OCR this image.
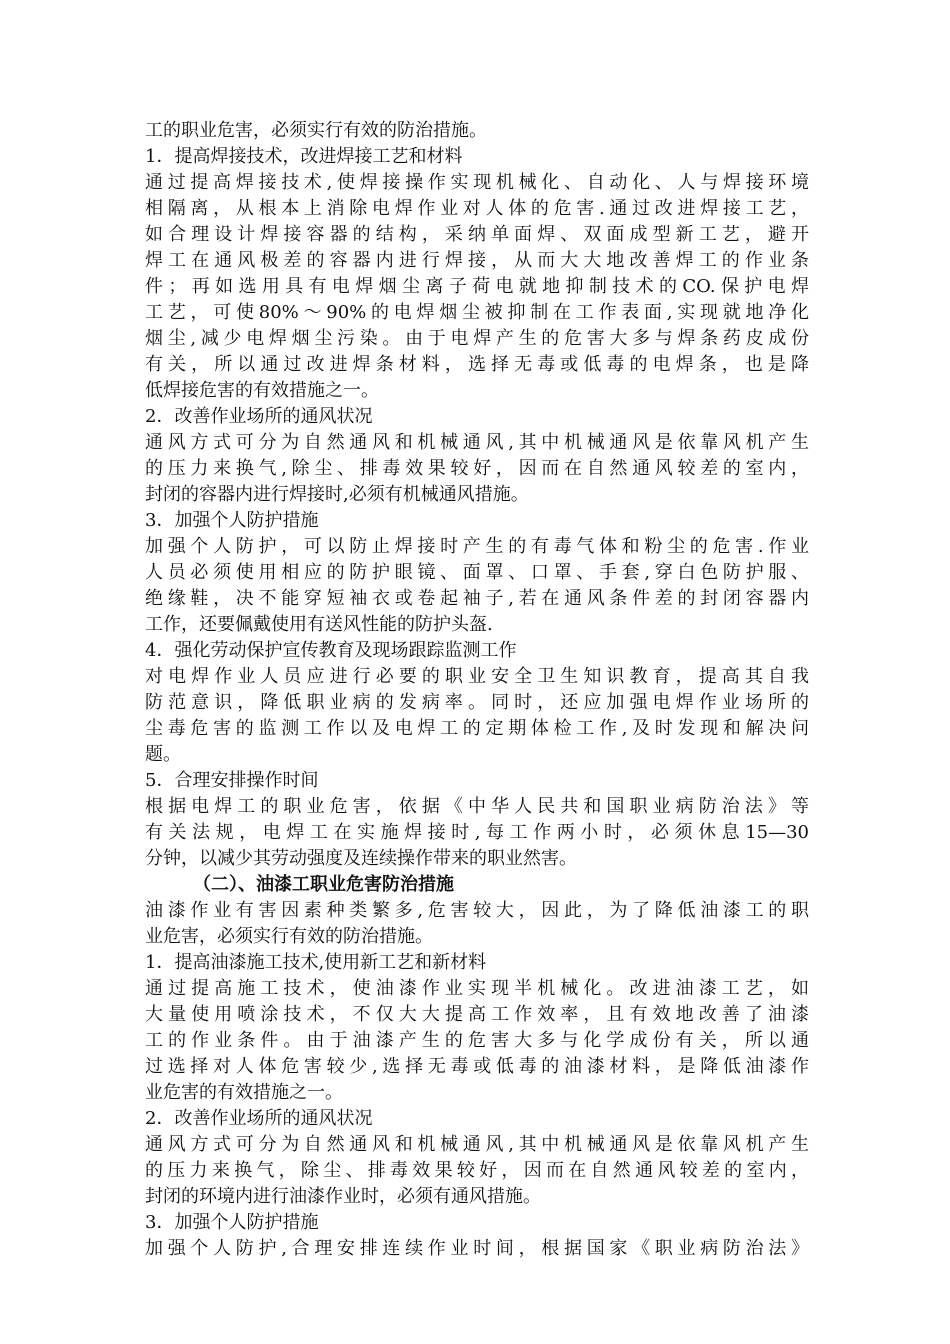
工的职业危害，必须实行有效的防治措施。
1．提高焊接技术，改进焊接工艺和材料
通过提高焊接技术,使焊接操作实现机械化、自动化、人与焊接环境
相隔离，从根本上消除电焊作业对人体的危害.通过改进焊接工艺，
如合理设计焊接容器的结构，采纳单面焊、双面成型新工艺，避开
焊工在通风极差的容器内进行焊接，从而大大地改善焊工的作业条
件；再如选用具有电焊烟尘离子荷电就地抑制技术的CO.保护电焊
工艺，可使80%～90%的电焊烟尘被抑制在工作表面,实现就地净化
烟尘,减少电焊烟尘污染。由于电焊产生的危害大多与焊条药皮成份
有关，所以通过改进焊条材料，选择无毒或低毒的电焊条，也是降
低焊接危害的有效措施之一。
2．改善作业场所的通风状况
通风方式可分为自然通风和机械通风,其中机械通风是依靠风机产生
的压力来换气,除尘、排毒效果较好，因而在自然通风较差的室内，
封闭的容器内进行焊接时,必须有机械通风措施。
3．加强个人防护措施
加强个人防护，可以防止焊接时产生的有毒气体和粉尘的危害.作业
人员必须使用相应的防护眼镜、面罩、口罩、手套,穿白色防护服、
绝缘鞋，决不能穿短袖衣或卷起袖子,若在通风条件差的封闭容器内
工作，还要佩戴使用有送风性能的防护头盔.
4．强化劳动保护宣传教育及现场跟踪监测工作
对电焊作业人员应进行必要的职业安全卫生知识教育，提高其自我
防范意识，降低职业病的发病率。同时，还应加强电焊作业场所的
尘毒危害的监测工作以及电焊工的定期体检工作,及时发现和解决问
题。
5．合理安排操作时间
根据电焊工的职业危害，依据《中华人民共和国职业病防治法》等
有关法规，电焊工在实施焊接时,每工作两小时，必须休息15—30
分钟，以减少其劳动强度及连续操作带来的职业然害。
（二）、油漆工职业危害防治措施
油漆作业有害因素种类繁多,危害较大，因此，为了降低油漆工的职
业危害，必须实行有效的防治措施。
1．提高油漆施工技术,使用新工艺和新材料
通过提高施工技术，使油漆作业实现半机械化。改进油漆工艺，如
大量使用喷涂技术，不仅大大提高工作效率，且有效地改善了油漆
工的作业条件。由于油漆产生的危害大多与化学成份有关，所以通
过选择对人体危害较少,选择无毒或低毒的油漆材料，是降低油漆作
业危害的有效措施之一。
2．改善作业场所的通风状况
通风方式可分为自然通风和机械通风,其中机械通风是依靠风机产生
的压力来换气，除尘、排毒效果较好，因而在自然通风较差的室内，
封闭的环境内进行油漆作业时，必须有通风措施。
3．加强个人防护措施
加强个人防护,合理安排连续作业时间，根据国家《职业病防治法》
